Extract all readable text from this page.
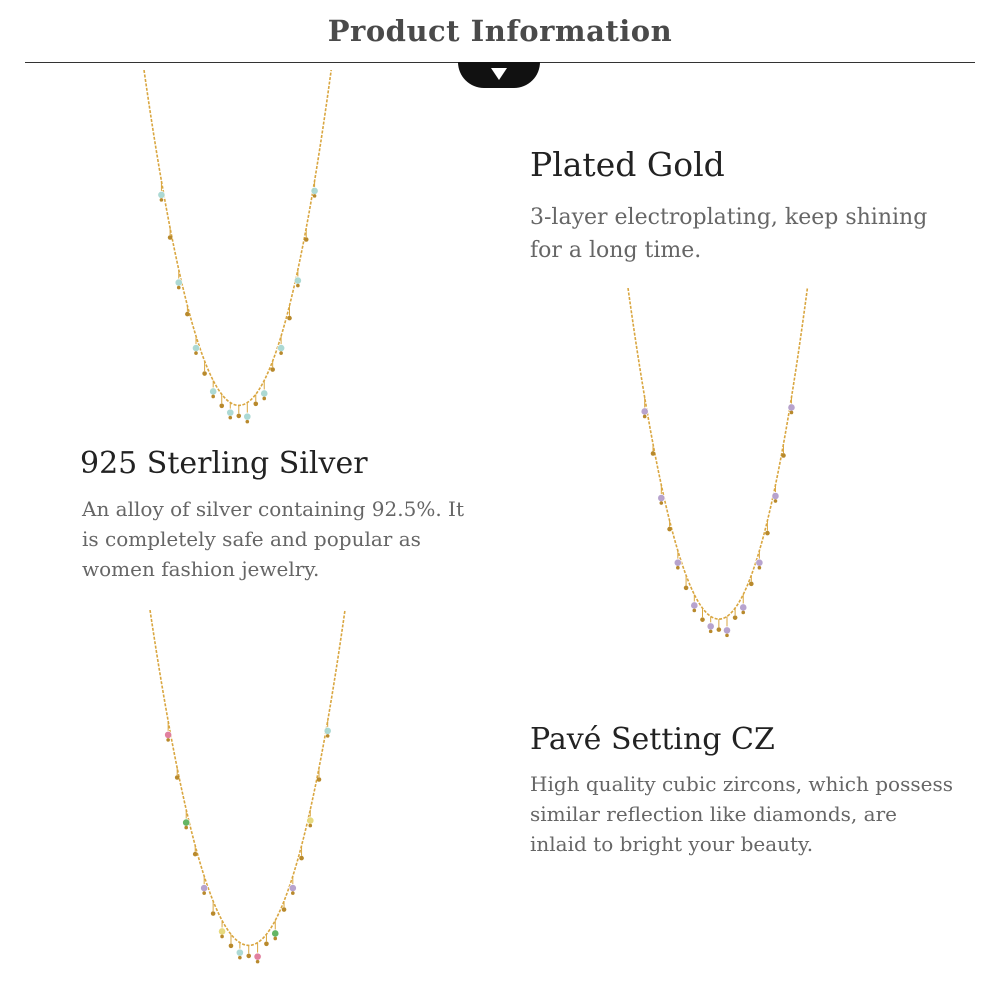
Product Information
925 Sterling Silver

An alloy of silver containing 92.5%. It
is completely safe and popular as
women fashion jewelry.

Plated Gold

3-layer electroplating, keep shining
for a long time.

Pavé Setting CZ

High quality cubic zircons, which possess
similar reflection like diamonds, are
inlaid to bright your beauty.
